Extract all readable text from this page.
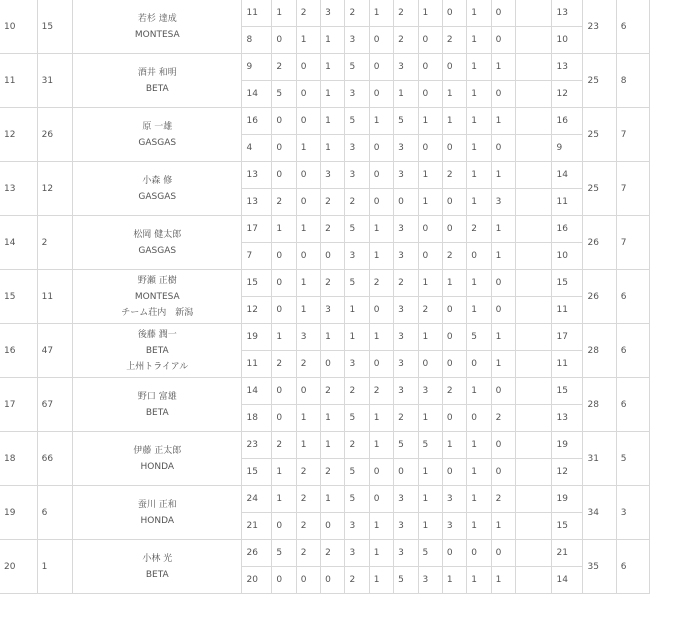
10	15	若杉 達成
MONTESA	11	1	2	3	2	1	2	1	0	1	0		13	23	6
			8	0	1	1	3	0	2	0	2	1	0		10		
11	31	酒井 和明
BETA	9	2	0	1	5	0	3	0	0	1	1		13	25	8
			14	5	0	1	3	0	1	0	1	1	0		12		
12	26	原 一雄
GASGAS	16	0	0	1	5	1	5	1	1	1	1		16	25	7
			4	0	1	1	3	0	3	0	0	1	0		9		
13	12	小森 修
GASGAS	13	0	0	3	3	0	3	1	2	1	1		14	25	7
			13	2	0	2	2	0	0	1	0	1	3		11		
14	2	松岡 健太郎
GASGAS	17	1	1	2	5	1	3	0	0	2	1		16	26	7
			7	0	0	0	3	1	3	0	2	0	1		10		
15	11	野瀬 正樹
MONTESA
チーム荘内　新潟	15	0	1	2	5	2	2	1	1	1	0		15	26	6
			12	0	1	3	1	0	3	2	0	1	0		11		
16	47	後藤 潤一
BETA
上州トライアル	19	1	3	1	1	1	3	1	0	5	1		17	28	6
			11	2	2	0	3	0	3	0	0	0	1		11		
17	67	野口 富雄
BETA	14	0	0	2	2	2	3	3	2	1	0		15	28	6
			18	0	1	1	5	1	2	1	0	0	2		13		
18	66	伊藤 正太郎
HONDA	23	2	1	1	2	1	5	5	1	1	0		19	31	5
			15	1	2	2	5	0	0	1	0	1	0		12		
19	6	蚕川 正和
HONDA	24	1	2	1	5	0	3	1	3	1	2		19	34	3
			21	0	2	0	3	1	3	1	3	1	1		15		
20	1	小林 光
BETA	26	5	2	2	3	1	3	5	0	0	0		21	35	6
			20	0	0	0	2	1	5	3	1	1	1		14		
